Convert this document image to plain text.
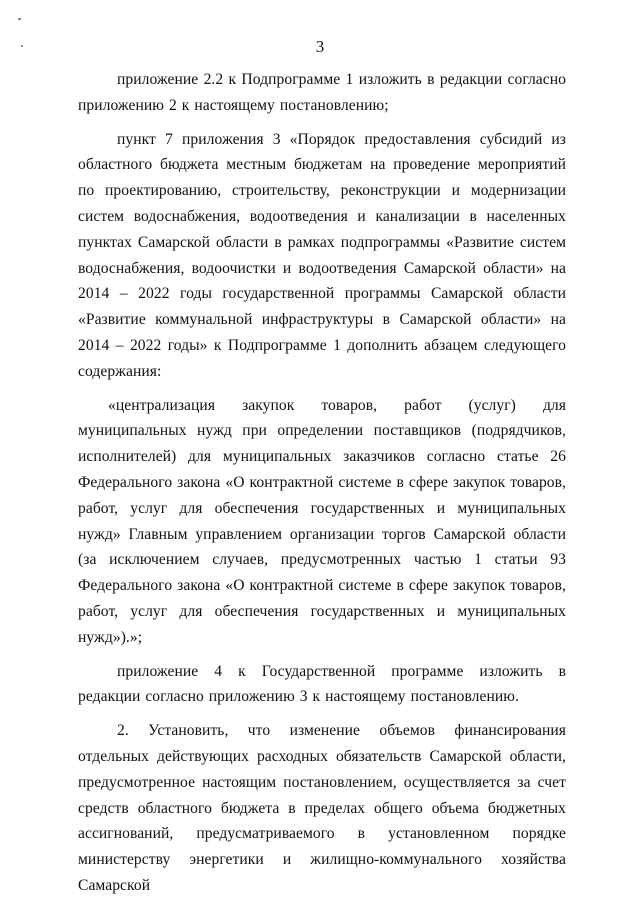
3

приложение 2.2 к Подпрограмме 1 изложить в редакции согласно приложению 2 к настоящему постановлению;

пункт 7 приложения 3 «Порядок предоставления субсидий из областного бюджета местным бюджетам на проведение мероприятий по проектированию, строительству, реконструкции и модернизации систем водоснабжения, водоотведения и канализации в населенных пунктах Самарской области в рамках подпрограммы «Развитие систем водоснабжения, водоочистки и водоотведения Самарской области» на 2014 – 2022 годы государственной программы Самарской области «Развитие коммунальной инфраструктуры в Самарской области» на 2014 – 2022 годы» к Подпрограмме 1 дополнить абзацем следующего содержания:

«централизация закупок товаров, работ (услуг) для муниципальных нужд при определении поставщиков (подрядчиков, исполнителей) для муниципальных заказчиков согласно статье 26 Федерального закона «О контрактной системе в сфере закупок товаров, работ, услуг для обеспечения государственных и муниципальных нужд» Главным управлением организации торгов Самарской области (за исключением случаев, предусмотренных частью 1 статьи 93 Федерального закона «О контрактной системе в сфере закупок товаров, работ, услуг для обеспечения государственных и муниципальных нужд»).»;

приложение 4 к Государственной программе изложить в редакции согласно приложению 3 к настоящему постановлению.

2. Установить, что изменение объемов финансирования отдельных действующих расходных обязательств Самарской области, предусмотренное настоящим постановлением, осуществляется за счет средств областного бюджета в пределах общего объема бюджетных ассигнований, предусматриваемого в установленном порядке министерству энергетики и жилищно-коммунального хозяйства Самарской
